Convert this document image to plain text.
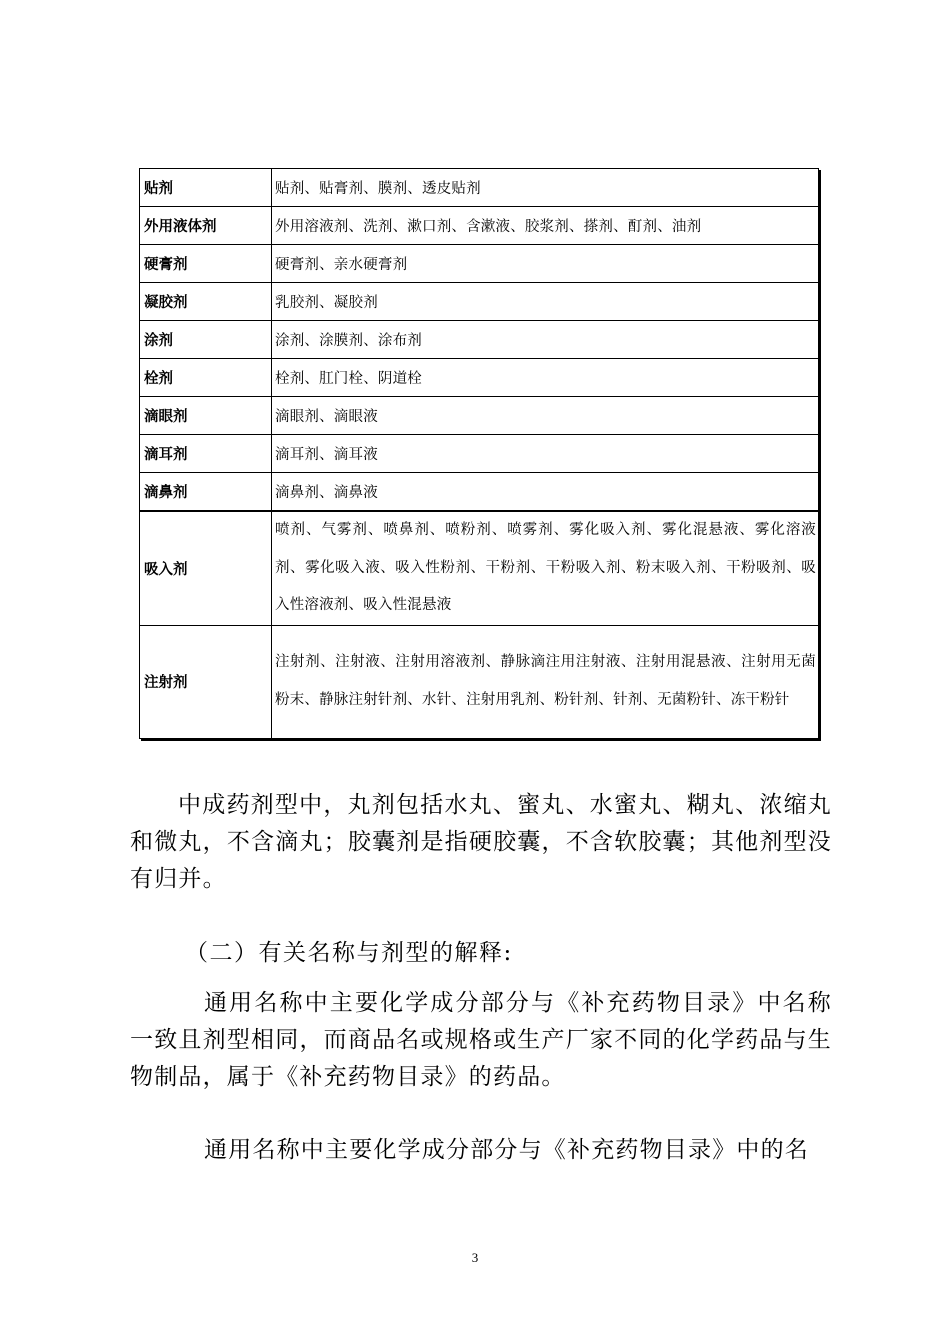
贴剂	贴剂、贴膏剂、膜剂、透皮贴剂
外用液体剂	外用溶液剂、洗剂、漱口剂、含漱液、胶浆剂、搽剂、酊剂、油剂
硬膏剂	硬膏剂、亲水硬膏剂
凝胶剂	乳胶剂、凝胶剂
涂剂	涂剂、涂膜剂、涂布剂
栓剂	栓剂、肛门栓、阴道栓
滴眼剂	滴眼剂、滴眼液
滴耳剂	滴耳剂、滴耳液
滴鼻剂	滴鼻剂、滴鼻液
吸入剂	喷剂、气雾剂、喷鼻剂、喷粉剂、喷雾剂、雾化吸入剂、雾化混悬液、雾化溶液剂、雾化吸入液、吸入性粉剂、干粉剂、干粉吸入剂、粉末吸入剂、干粉吸剂、吸入性溶液剂、吸入性混悬液
注射剂	注射剂、注射液、注射用溶液剂、静脉滴注用注射液、注射用混悬液、注射用无菌粉末、静脉注射针剂、水针、注射用乳剂、粉针剂、针剂、无菌粉针、冻干粉针

中成药剂型中，丸剂包括水丸、蜜丸、水蜜丸、糊丸、浓缩丸和微丸，不含滴丸；胶囊剂是指硬胶囊，不含软胶囊；其他剂型没有归并。

（二）有关名称与剂型的解释:

通用名称中主要化学成分部分与《补充药物目录》中名称一致且剂型相同，而商品名或规格或生产厂家不同的化学药品与生物制品，属于《补充药物目录》的药品。

通用名称中主要化学成分部分与《补充药物目录》中的名

3
